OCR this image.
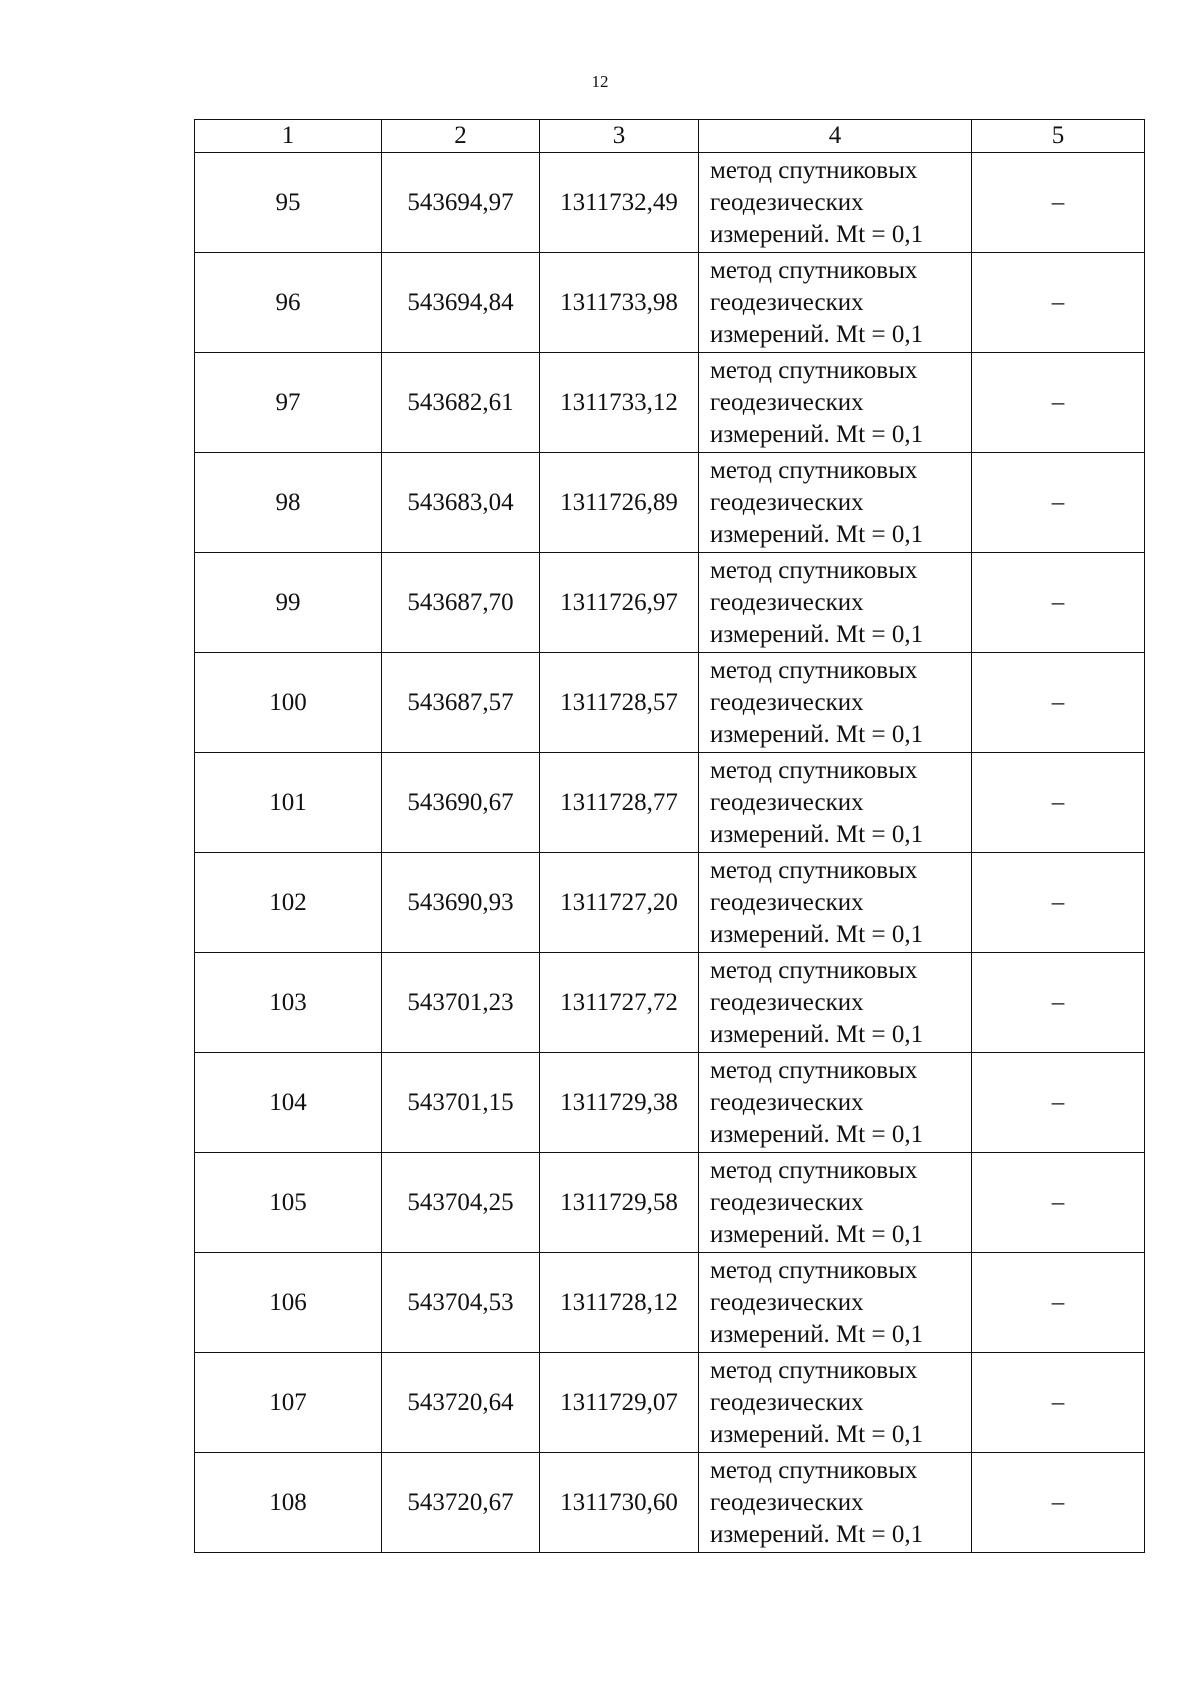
12
1	2	3	4	5
95	543694,97	1311732,49	метод спутниковых
геодезических
измерений. Mt = 0,1	–
96	543694,84	1311733,98	метод спутниковых
геодезических
измерений. Mt = 0,1	–
97	543682,61	1311733,12	метод спутниковых
геодезических
измерений. Mt = 0,1	–
98	543683,04	1311726,89	метод спутниковых
геодезических
измерений. Mt = 0,1	–
99	543687,70	1311726,97	метод спутниковых
геодезических
измерений. Mt = 0,1	–
100	543687,57	1311728,57	метод спутниковых
геодезических
измерений. Mt = 0,1	–
101	543690,67	1311728,77	метод спутниковых
геодезических
измерений. Mt = 0,1	–
102	543690,93	1311727,20	метод спутниковых
геодезических
измерений. Mt = 0,1	–
103	543701,23	1311727,72	метод спутниковых
геодезических
измерений. Mt = 0,1	–
104	543701,15	1311729,38	метод спутниковых
геодезических
измерений. Mt = 0,1	–
105	543704,25	1311729,58	метод спутниковых
геодезических
измерений. Mt = 0,1	–
106	543704,53	1311728,12	метод спутниковых
геодезических
измерений. Mt = 0,1	–
107	543720,64	1311729,07	метод спутниковых
геодезических
измерений. Mt = 0,1	–
108	543720,67	1311730,60	метод спутниковых
геодезических
измерений. Mt = 0,1	–
